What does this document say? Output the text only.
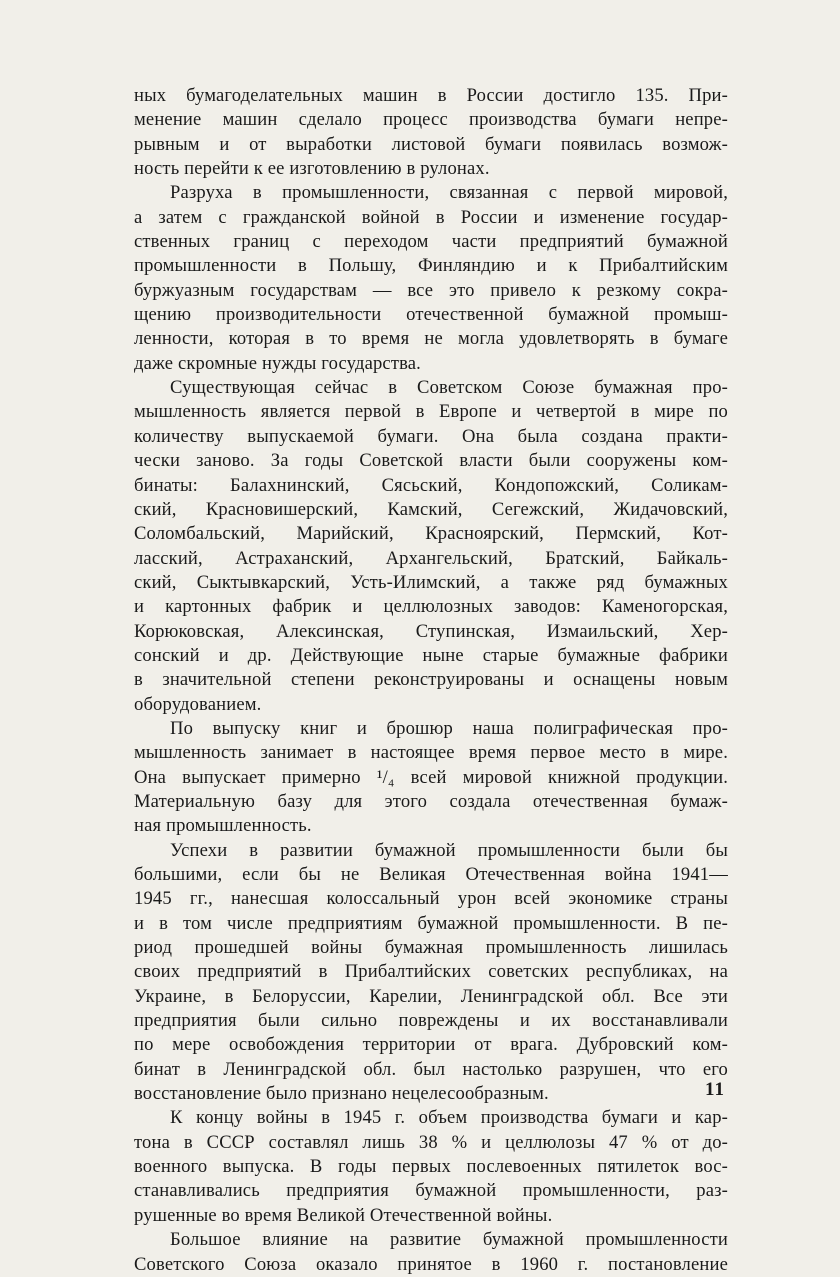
ных бумагоделательных машин в России достигло 135. При-
менение машин сделало процесс производства бумаги непре-
рывным и от выработки листовой бумаги появилась возмож-
ность перейти к ее изготовлению в рулонах.

Разруха в промышленности, связанная с первой мировой,
а затем с гражданской войной в России и изменение государ-
ственных границ с переходом части предприятий бумажной
промышленности в Польшу, Финляндию и к Прибалтийским
буржуазным государствам — все это привело к резкому сокра-
щению производительности отечественной бумажной промыш-
ленности, которая в то время не могла удовлетворять в бумаге
даже скромные нужды государства.

Существующая сейчас в Советском Союзе бумажная про-
мышленность является первой в Европе и четвертой в мире по
количеству выпускаемой бумаги. Она была создана практи-
чески заново. За годы Советской власти были сооружены ком-
бинаты: Балахнинский, Сясьский, Кондопожский, Соликам-
ский, Красновишерский, Камский, Сегежский, Жидачовский,
Соломбальский, Марийский, Красноярский, Пермский, Кот-
ласский, Астраханский, Архангельский, Братский, Байкаль-
ский, Сыктывкарский, Усть-Илимский, а также ряд бумажных
и картонных фабрик и целлюлозных заводов: Каменогорская,
Корюковская, Алексинская, Ступинская, Измаильский, Хер-
сонский и др. Действующие ныне старые бумажные фабрики
в значительной степени реконструированы и оснащены новым
оборудованием.

По выпуску книг и брошюр наша полиграфическая про-
мышленность занимает в настоящее время первое место в мире.
Она выпускает примерно ¹/₄ всей мировой книжной продукции.
Материальную базу для этого создала отечественная бумаж-
ная промышленность.

Успехи в развитии бумажной промышленности были бы
большими, если бы не Великая Отечественная война 1941—
1945 гг., нанесшая колоссальный урон всей экономике страны
и в том числе предприятиям бумажной промышленности. В пе-
риод прошедшей войны бумажная промышленность лишилась
своих предприятий в Прибалтийских советских республиках, на
Украине, в Белоруссии, Карелии, Ленинградской обл. Все эти
предприятия были сильно повреждены и их восстанавливали
по мере освобождения территории от врага. Дубровский ком-
бинат в Ленинградской обл. был настолько разрушен, что его
восстановление было признано нецелесообразным.

К концу войны в 1945 г. объем производства бумаги и кар-
тона в СССР составлял лишь 38 % и целлюлозы 47 % от до-
военного выпуска. В годы первых послевоенных пятилеток вос-
станавливались предприятия бумажной промышленности, раз-
рушенные во время Великой Отечественной войны.

Большое влияние на развитие бумажной промышленности
Советского Союза оказало принятое в 1960 г. постановление

11
